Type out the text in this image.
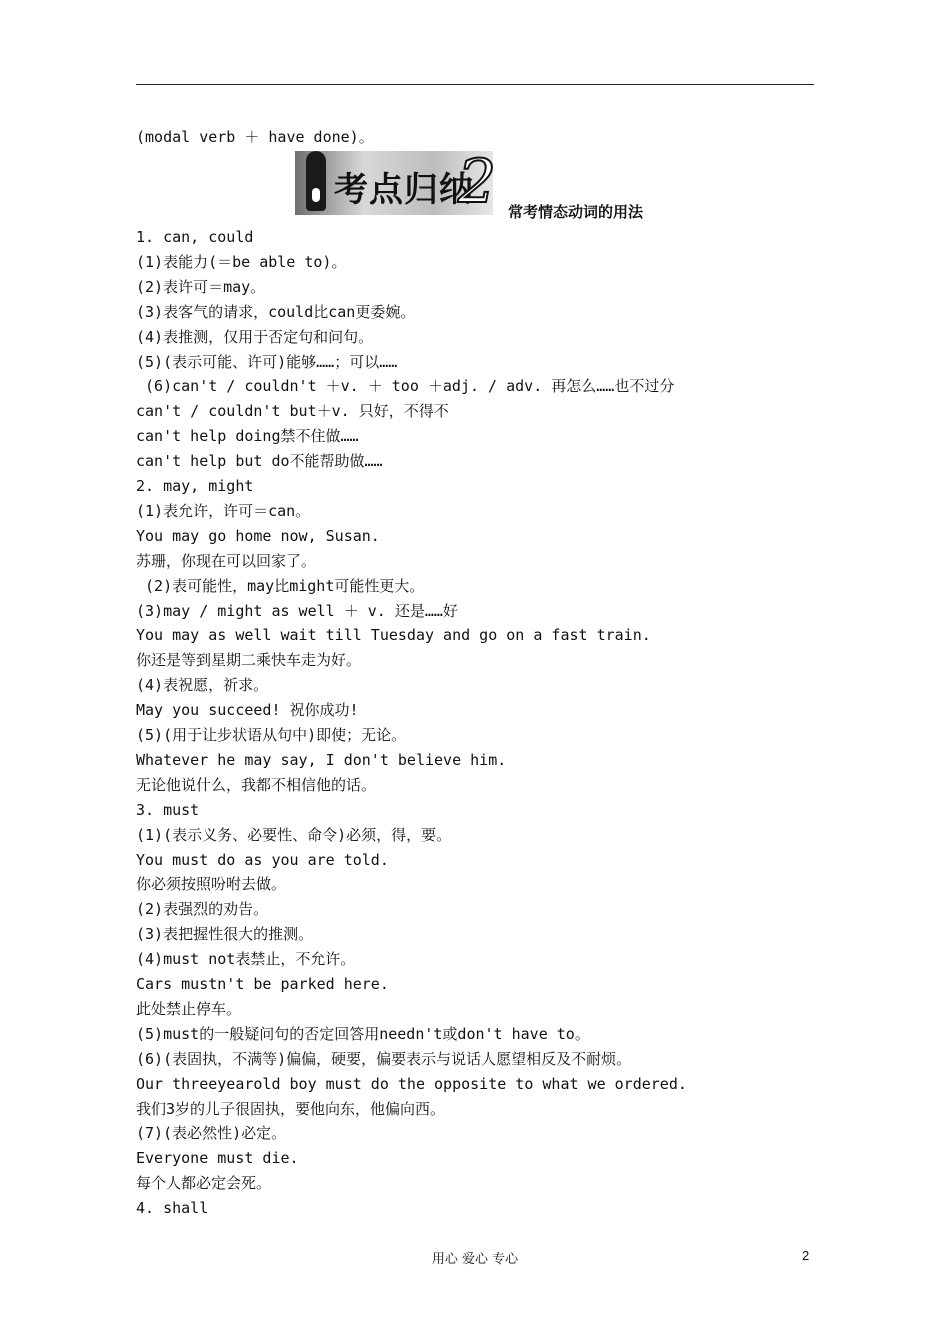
(modal verb ＋ have done)。
考点归纳
2 常考情态动词的用法
1. can, could
(1)表能力(＝be able to)。
(2)表许可＝may。
(3)表客气的请求，could比can更委婉。
(4)表推测，仅用于否定句和问句。
(5)(表示可能、许可)能够……；可以……
(6)can't / couldn't ＋v. ＋ too ＋adj. / adv. 再怎么……也不过分
can't / couldn't but＋v. 只好，不得不
can't help doing禁不住做……
can't help but do不能帮助做……
2. may, might
(1)表允许，许可＝can。
You may go home now, Susan.
苏珊，你现在可以回家了。
(2)表可能性，may比might可能性更大。
(3)may / might as well ＋ v. 还是……好
You may as well wait till Tuesday and go on a fast train.
你还是等到星期二乘快车走为好。
(4)表祝愿，祈求。
May you succeed! 祝你成功!
(5)(用于让步状语从句中)即使；无论。
Whatever he may say, I don't believe him.
无论他说什么，我都不相信他的话。
3. must
(1)(表示义务、必要性、命令)必须，得，要。
You must do as you are told.
你必须按照吩咐去做。
(2)表强烈的劝告。
(3)表把握性很大的推测。
(4)must not表禁止，不允许。
Cars mustn't be parked here.
此处禁止停车。
(5)must的一般疑问句的否定回答用needn't或don't have to。
(6)(表固执，不满等)偏偏，硬要，偏要表示与说话人愿望相反及不耐烦。
Our threeyearold boy must do the opposite to what we ordered.
我们3岁的儿子很固执，要他向东，他偏向西。
(7)(表必然性)必定。
Everyone must die.
每个人都必定会死。
4. shall
用心 爱心 专心	2
